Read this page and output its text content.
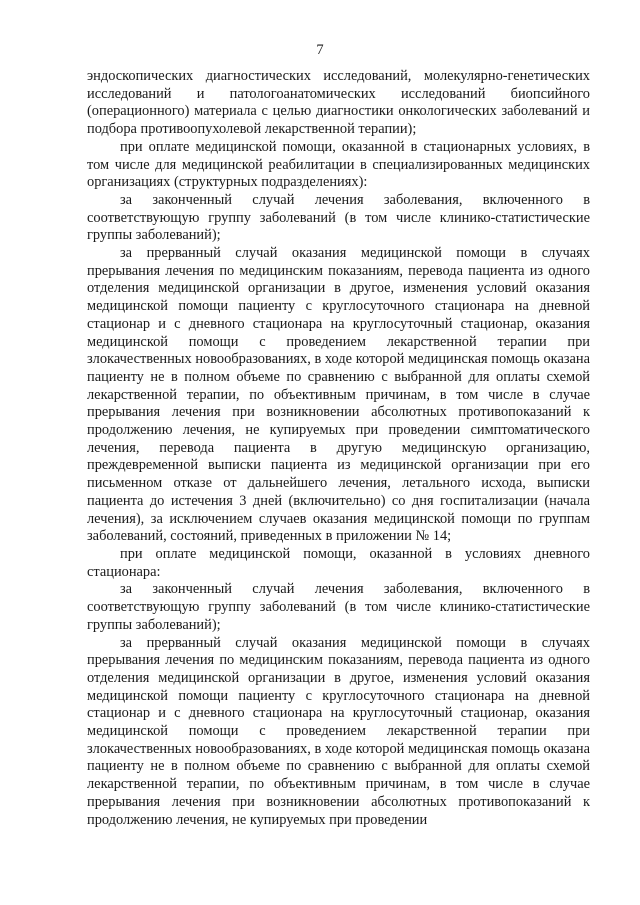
7

эндоскопических диагностических исследований, молекулярно-генетических исследований и патологоанатомических исследований биопсийного (операционного) материала с целью диагностики онкологических заболеваний и подбора противоопухолевой лекарственной терапии);

при оплате медицинской помощи, оказанной в стационарных условиях, в том числе для медицинской реабилитации в специализированных медицинских организациях (структурных подразделениях):

за законченный случай лечения заболевания, включенного в соответствующую группу заболеваний (в том числе клинико-статистические группы заболеваний);

за прерванный случай оказания медицинской помощи в случаях прерывания лечения по медицинским показаниям, перевода пациента из одного отделения медицинской организации в другое, изменения условий оказания медицинской помощи пациенту с круглосуточного стационара на дневной стационар и с дневного стационара на круглосуточный стационар, оказания медицинской помощи с проведением лекарственной терапии при злокачественных новообразованиях, в ходе которой медицинская помощь оказана пациенту не в полном объеме по сравнению с выбранной для оплаты схемой лекарственной терапии, по объективным причинам, в том числе в случае прерывания лечения при возникновении абсолютных противопоказаний к продолжению лечения, не купируемых при проведении симптоматического лечения, перевода пациента в другую медицинскую организацию, преждевременной выписки пациента из медицинской организации при его письменном отказе от дальнейшего лечения, летального исхода, выписки пациента до истечения 3 дней (включительно) со дня госпитализации (начала лечения), за исключением случаев оказания медицинской помощи по группам заболеваний, состояний, приведенных в приложении № 14;

при оплате медицинской помощи, оказанной в условиях дневного стационара:

за законченный случай лечения заболевания, включенного в соответствующую группу заболеваний (в том числе клинико-статистические группы заболеваний);

за прерванный случай оказания медицинской помощи в случаях прерывания лечения по медицинским показаниям, перевода пациента из одного отделения медицинской организации в другое, изменения условий оказания медицинской помощи пациенту с круглосуточного стационара на дневной стационар и с дневного стационара на круглосуточный стационар, оказания медицинской помощи с проведением лекарственной терапии при злокачественных новообразованиях, в ходе которой медицинская помощь оказана пациенту не в полном объеме по сравнению с выбранной для оплаты схемой лекарственной терапии, по объективным причинам, в том числе в случае прерывания лечения при возникновении абсолютных противопоказаний к продолжению лечения, не купируемых при проведении
